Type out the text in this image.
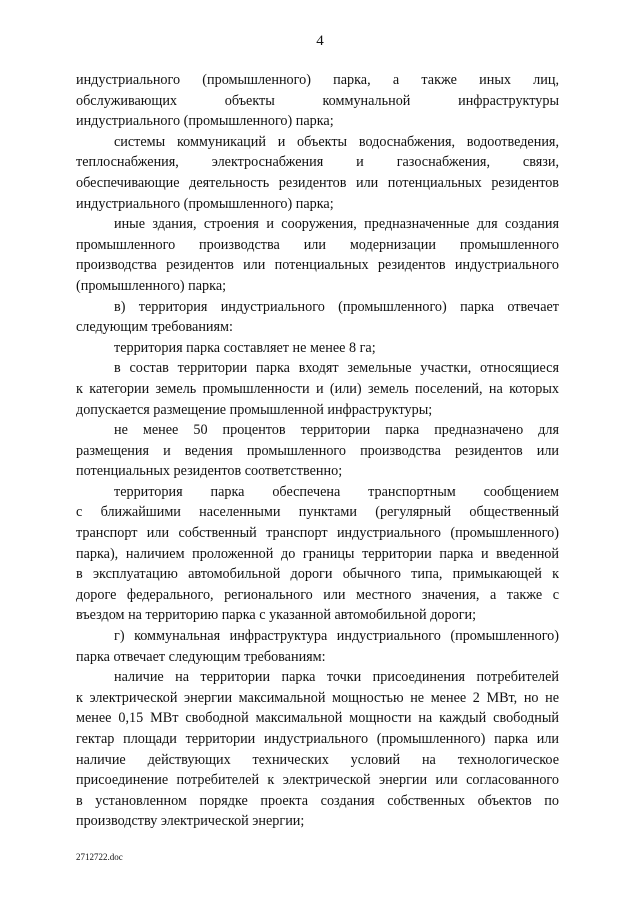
4
индустриального (промышленного) парка, а также иных лиц,
обслуживающих объекты коммунальной инфраструктуры
индустриального (промышленного) парка;
системы коммуникаций и объекты водоснабжения, водоотведения,
теплоснабжения, электроснабжения и газоснабжения, связи,
обеспечивающие деятельность резидентов или потенциальных резидентов
индустриального (промышленного) парка;
иные здания, строения и сооружения, предназначенные для создания
промышленного производства или модернизации промышленного
производства резидентов или потенциальных резидентов индустриального
(промышленного) парка;
в) территория индустриального (промышленного) парка отвечает
следующим требованиям:
территория парка составляет не менее 8 га;
в состав территории парка входят земельные участки, относящиеся
к категории земель промышленности и (или) земель поселений, на которых
допускается размещение промышленной инфраструктуры;
не менее 50 процентов территории парка предназначено для
размещения и ведения промышленного производства резидентов или
потенциальных резидентов соответственно;
территория парка обеспечена транспортным сообщением
с ближайшими населенными пунктами (регулярный общественный
транспорт или собственный транспорт индустриального (промышленного)
парка), наличием проложенной до границы территории парка и введенной
в эксплуатацию автомобильной дороги обычного типа, примыкающей к
дороге федерального, регионального или местного значения, а также с
въездом на территорию парка с указанной автомобильной дороги;
г) коммунальная инфраструктура индустриального (промышленного)
парка отвечает следующим требованиям:
наличие на территории парка точки присоединения потребителей
к электрической энергии максимальной мощностью не менее 2 МВт, но не
менее 0,15 МВт свободной максимальной мощности на каждый свободный
гектар площади территории индустриального (промышленного) парка или
наличие действующих технических условий на технологическое
присоединение потребителей к электрической энергии или согласованного
в установленном порядке проекта создания собственных объектов по
производству электрической энергии;
2712722.doc
